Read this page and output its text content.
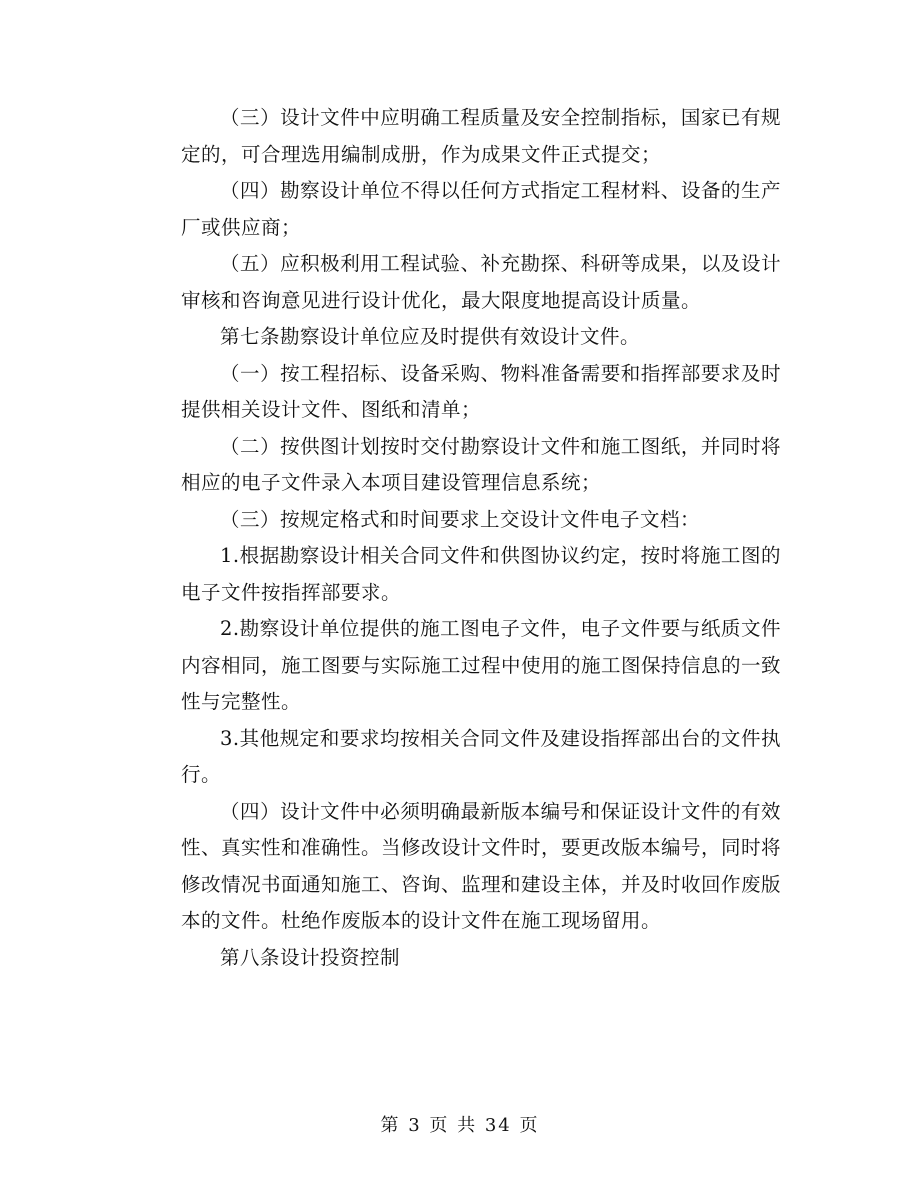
（三）设计文件中应明确工程质量及安全控制指标，国家已有规定的，可合理选用编制成册，作为成果文件正式提交；

（四）勘察设计单位不得以任何方式指定工程材料、设备的生产厂或供应商；

（五）应积极利用工程试验、补充勘探、科研等成果，以及设计审核和咨询意见进行设计优化，最大限度地提高设计质量。

第七条勘察设计单位应及时提供有效设计文件。

（一）按工程招标、设备采购、物料准备需要和指挥部要求及时提供相关设计文件、图纸和清单；

（二）按供图计划按时交付勘察设计文件和施工图纸，并同时将相应的电子文件录入本项目建设管理信息系统；

（三）按规定格式和时间要求上交设计文件电子文档：

1.根据勘察设计相关合同文件和供图协议约定，按时将施工图的电子文件按指挥部要求。

2.勘察设计单位提供的施工图电子文件，电子文件要与纸质文件内容相同，施工图要与实际施工过程中使用的施工图保持信息的一致性与完整性。

3.其他规定和要求均按相关合同文件及建设指挥部出台的文件执行。

（四）设计文件中必须明确最新版本编号和保证设计文件的有效性、真实性和准确性。当修改设计文件时，要更改版本编号，同时将修改情况书面通知施工、咨询、监理和建设主体，并及时收回作废版本的文件。杜绝作废版本的设计文件在施工现场留用。

第八条设计投资控制

第 3 页 共 34 页
